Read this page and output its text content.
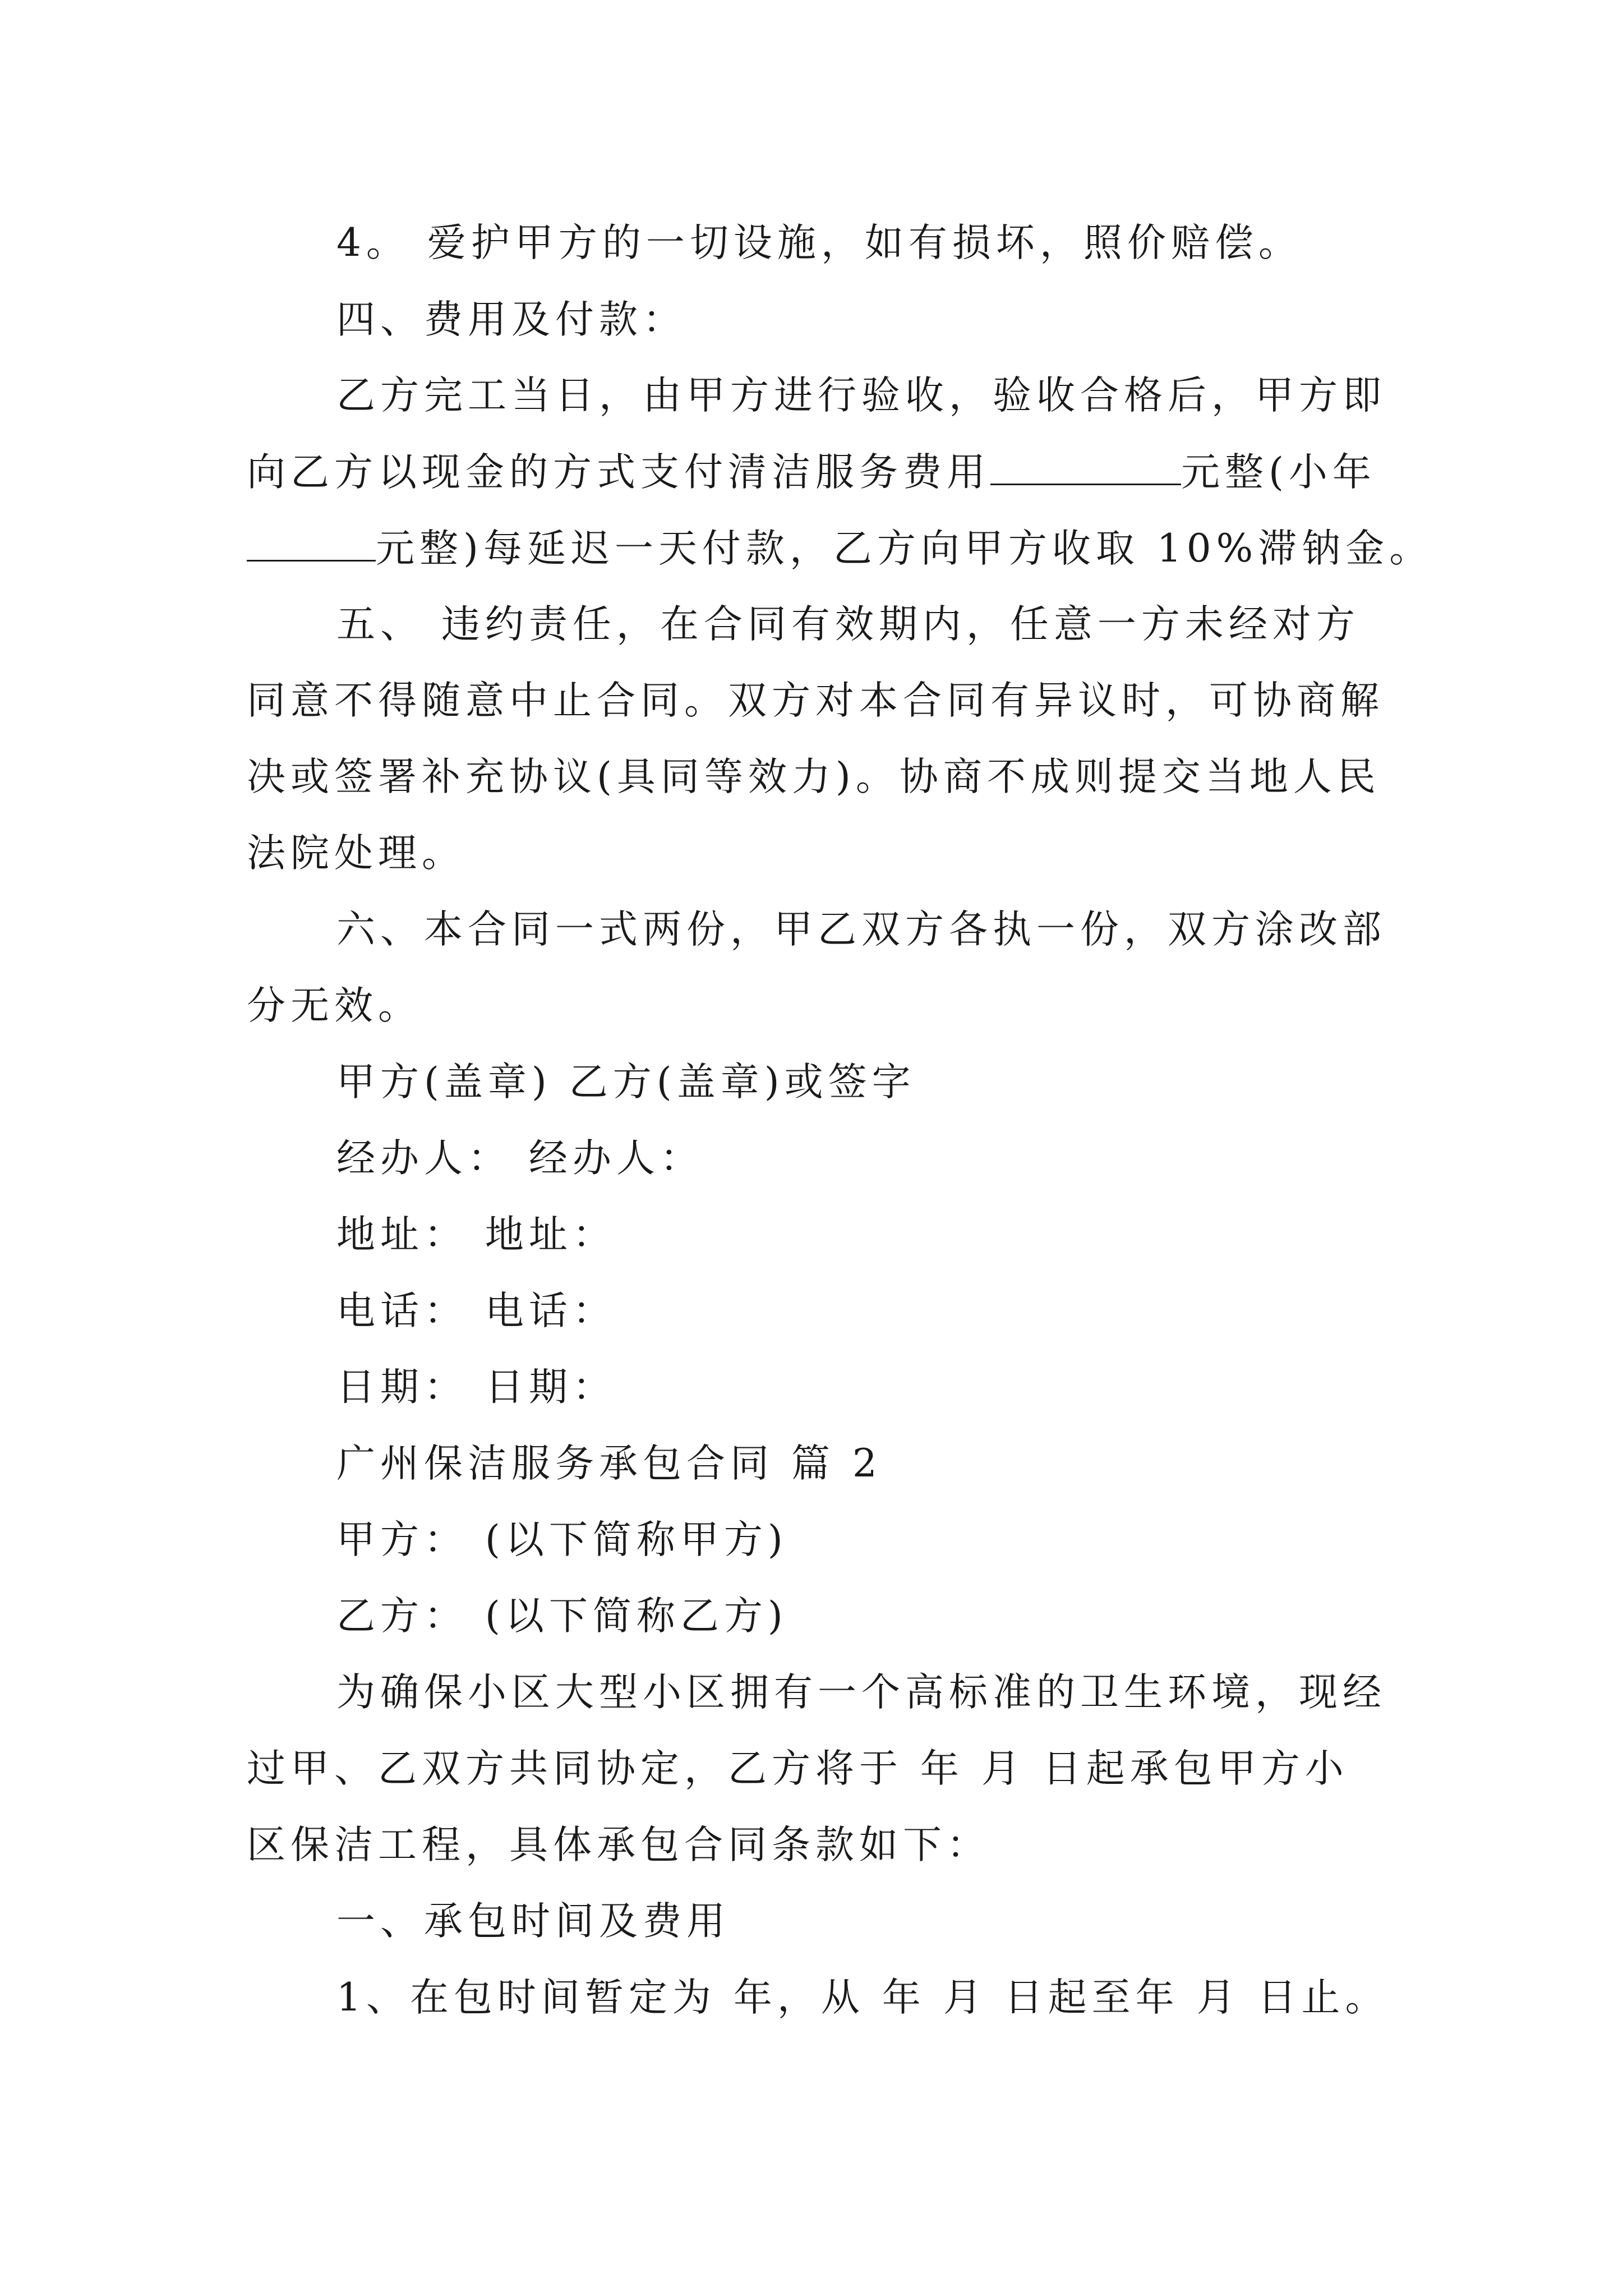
4。 爱护甲方的一切设施，如有损坏，照价赔偿。
四、费用及付款：
乙方完工当日，由甲方进行验收，验收合格后，甲方即
向乙方以现金的方式支付清洁服务费用	元整(小年
元整)每延迟一天付款，乙方向甲方收取 10%滞钠金。
五、 违约责任，在合同有效期内，任意一方未经对方
同意不得随意中止合同。双方对本合同有异议时，可协商解
决或签署补充协议(具同等效力)。协商不成则提交当地人民
法院处理。
六、本合同一式两份，甲乙双方各执一份，双方涂改部
分无效。
甲方(盖章) 乙方(盖章)或签字
经办人： 经办人：
地址： 地址：
电话： 电话：
日期： 日期：
广州保洁服务承包合同 篇 2
甲方： (以下简称甲方)
乙方： (以下简称乙方)
为确保小区大型小区拥有一个高标准的卫生环境，现经
过甲、乙双方共同协定，乙方将于 年 月 日起承包甲方小
区保洁工程，具体承包合同条款如下：
一、承包时间及费用
1、在包时间暂定为 年，从 年 月 日起至年 月 日止。
